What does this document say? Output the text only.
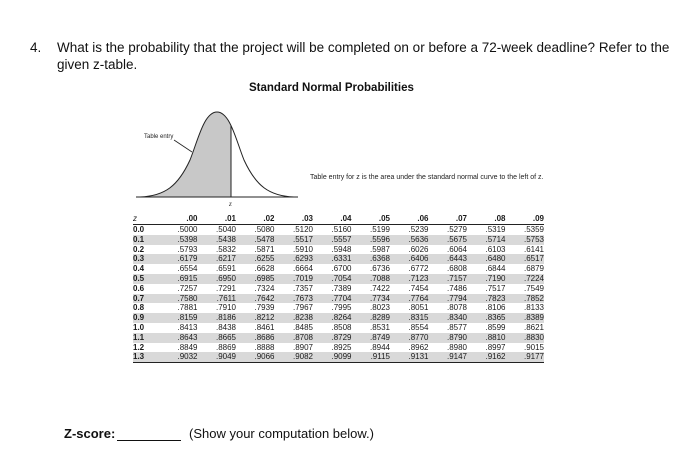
4. What is the probability that the project will be completed on or before a 72-week deadline? Refer to the given z-table.
Standard Normal Probabilities
Table entry
z
Table entry for z is the area under the standard normal curve to the left of z.
z	.00	.01	.02	.03	.04	.05	.06	.07	.08	.09
0.0	.5000	.5040	.5080	.5120	.5160	.5199	.5239	.5279	.5319	.5359
0.1	.5398	.5438	.5478	.5517	.5557	.5596	.5636	.5675	.5714	.5753
0.2	.5793	.5832	.5871	.5910	.5948	.5987	.6026	.6064	.6103	.6141
0.3	.6179	.6217	.6255	.6293	.6331	.6368	.6406	.6443	.6480	.6517
0.4	.6554	.6591	.6628	.6664	.6700	.6736	.6772	.6808	.6844	.6879
0.5	.6915	.6950	.6985	.7019	.7054	.7088	.7123	.7157	.7190	.7224
0.6	.7257	.7291	.7324	.7357	.7389	.7422	.7454	.7486	.7517	.7549
0.7	.7580	.7611	.7642	.7673	.7704	.7734	.7764	.7794	.7823	.7852
0.8	.7881	.7910	.7939	.7967	.7995	.8023	.8051	.8078	.8106	.8133
0.9	.8159	.8186	.8212	.8238	.8264	.8289	.8315	.8340	.8365	.8389
1.0	.8413	.8438	.8461	.8485	.8508	.8531	.8554	.8577	.8599	.8621
1.1	.8643	.8665	.8686	.8708	.8729	.8749	.8770	.8790	.8810	.8830
1.2	.8849	.8869	.8888	.8907	.8925	.8944	.8962	.8980	.8997	.9015
1.3	.9032	.9049	.9066	.9082	.9099	.9115	.9131	.9147	.9162	.9177
Z-score:	(Show your computation below.)
